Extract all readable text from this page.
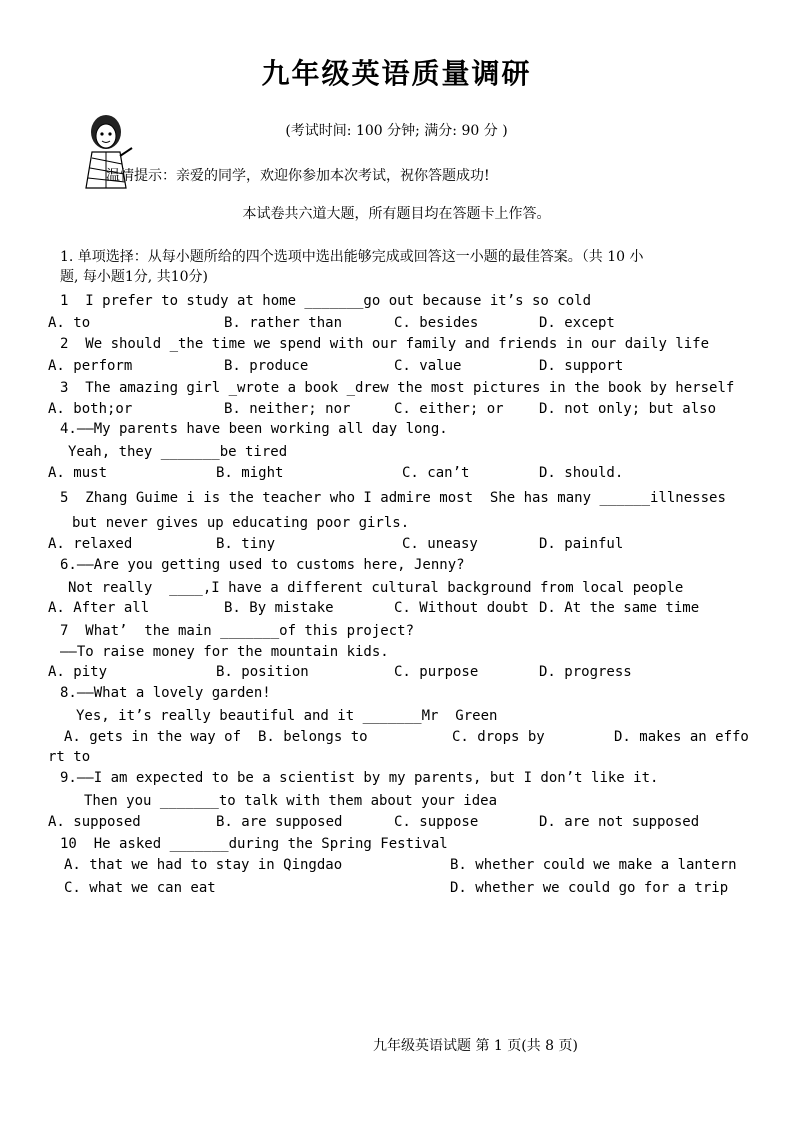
九年级英语质量调研
(考试时间: 100 分钟; 满分: 90 分 )
温情提示：亲爱的同学，欢迎你参加本次考试，祝你答题成功!
本试卷共六道大题，所有题目均在答题卡上作答。
1. 单项选择：从每小题所给的四个选项中选出能够完成或回答这一小题的最佳答案。（共 10 小
题, 每小题1分, 共10分)
1  I prefer to study at home _______go out because it’s so cold
A. to	B. rather than	C. besides	D. except
2  We should _the time we spend with our family and friends in our daily life
A. perform	B. produce	C. value	D. support
3  The amazing girl _wrote a book _drew the most pictures in the book by herself
A. both;or	B. neither; nor	C. either; or	D. not only; but also
4.——My parents have been working all day long.
Yeah, they _______be tired
A. must	B. might	C. can’t	D. should.
5  Zhang Guime i is the teacher who I admire most  She has many ______illnesses
but never gives up educating poor girls.
A. relaxed	B. tiny	C. uneasy	D. painful
6.——Are you getting used to customs here, Jenny?
Not really  ____,I have a different cultural background from local people
A. After all	B. By mistake	C. Without doubt D. At the same time
7  What’  the main _______of this project?
——To raise money for the mountain kids.
A. pity	B. position	C. purpose	D. progress
8.——What a lovely garden!
Yes, it’s really beautiful and it _______Mr  Green
A. gets in the way of B. belongs to	C. drops by	D. makes an effo
rt to
9.——I am expected to be a scientist by my parents, but I don’t like it.
Then you _______to talk with them about your idea
A. supposed	B. are supposed	C. suppose	D. are not supposed
10  He asked _______during the Spring Festival
A. that we had to stay in Qingdao	B. whether could we make a lantern
C. what we can eat	D. whether we could go for a trip
九年级英语试题 第 1 页(共 8 页)
